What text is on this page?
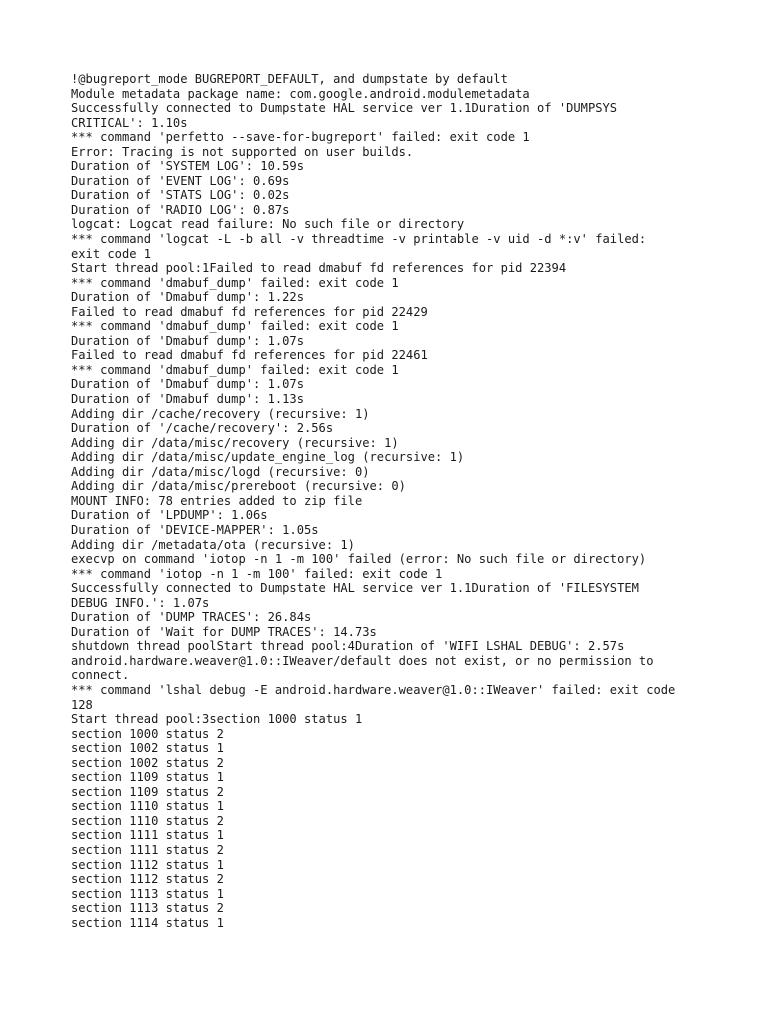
!@bugreport_mode BUGREPORT_DEFAULT, and dumpstate by default
Module metadata package name: com.google.android.modulemetadata
Successfully connected to Dumpstate HAL service ver 1.1Duration of 'DUMPSYS
CRITICAL': 1.10s
*** command 'perfetto --save-for-bugreport' failed: exit code 1
Error: Tracing is not supported on user builds.
Duration of 'SYSTEM LOG': 10.59s
Duration of 'EVENT LOG': 0.69s
Duration of 'STATS LOG': 0.02s
Duration of 'RADIO LOG': 0.87s
logcat: Logcat read failure: No such file or directory
*** command 'logcat -L -b all -v threadtime -v printable -v uid -d *:v' failed:
exit code 1
Start thread pool:1Failed to read dmabuf fd references for pid 22394
*** command 'dmabuf_dump' failed: exit code 1
Duration of 'Dmabuf dump': 1.22s
Failed to read dmabuf fd references for pid 22429
*** command 'dmabuf_dump' failed: exit code 1
Duration of 'Dmabuf dump': 1.07s
Failed to read dmabuf fd references for pid 22461
*** command 'dmabuf_dump' failed: exit code 1
Duration of 'Dmabuf dump': 1.07s
Duration of 'Dmabuf dump': 1.13s
Adding dir /cache/recovery (recursive: 1)
Duration of '/cache/recovery': 2.56s
Adding dir /data/misc/recovery (recursive: 1)
Adding dir /data/misc/update_engine_log (recursive: 1)
Adding dir /data/misc/logd (recursive: 0)
Adding dir /data/misc/prereboot (recursive: 0)
MOUNT INFO: 78 entries added to zip file
Duration of 'LPDUMP': 1.06s
Duration of 'DEVICE-MAPPER': 1.05s
Adding dir /metadata/ota (recursive: 1)
execvp on command 'iotop -n 1 -m 100' failed (error: No such file or directory)
*** command 'iotop -n 1 -m 100' failed: exit code 1
Successfully connected to Dumpstate HAL service ver 1.1Duration of 'FILESYSTEM
DEBUG INFO.': 1.07s
Duration of 'DUMP TRACES': 26.84s
Duration of 'Wait for DUMP TRACES': 14.73s
shutdown thread poolStart thread pool:4Duration of 'WIFI LSHAL DEBUG': 2.57s
android.hardware.weaver@1.0::IWeaver/default does not exist, or no permission to
connect.
*** command 'lshal debug -E android.hardware.weaver@1.0::IWeaver' failed: exit code
128
Start thread pool:3section 1000 status 1
section 1000 status 2
section 1002 status 1
section 1002 status 2
section 1109 status 1
section 1109 status 2
section 1110 status 1
section 1110 status 2
section 1111 status 1
section 1111 status 2
section 1112 status 1
section 1112 status 2
section 1113 status 1
section 1113 status 2
section 1114 status 1
